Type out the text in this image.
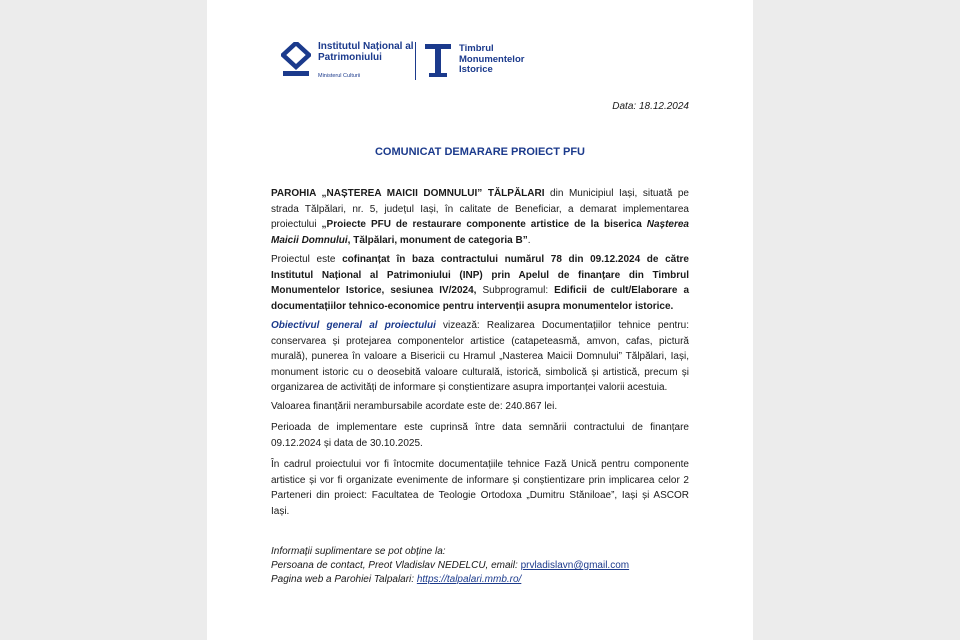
Institutul Național al
Patrimoniului
Ministerul Culturii
Timbrul
Monumentelor
Istorice
Data: 18.12.2024
COMUNICAT DEMARARE PROIECT PFU
PAROHIA „NAȘTEREA MAICII DOMNULUI” TĂLPĂLARI din Municipiul Iași, situată pe strada Tălpălari, nr. 5, județul Iași, în calitate de Beneficiar, a demarat implementarea proiectului „Proiecte PFU de restaurare componente artistice de la biserica Nașterea Maicii Domnului, Tălpălari, monument de categoria B”.
Proiectul este cofinanțat în baza contractului numărul 78 din 09.12.2024 de către Institutul Național al Patrimoniului (INP) prin Apelul de finanțare din Timbrul Monumentelor Istorice, sesiunea IV/2024, Subprogramul: Edificii de cult/Elaborare a documentațiilor tehnico-economice pentru intervenții asupra monumentelor istorice.
Obiectivul general al proiectului vizează: Realizarea Documentațiilor tehnice pentru: conservarea și protejarea componentelor artistice (catapeteasmă, amvon, cafas, pictură murală), punerea în valoare a Bisericii cu Hramul „Nasterea Maicii Domnului” Tălpălari, Iași, monument istoric cu o deosebită valoare culturală, istorică, simbolică și artistică, precum și organizarea de activități de informare și conștientizare asupra importanței valorii acestuia.
Valoarea finanțării nerambursabile acordate este de: 240.867 lei.
Perioada de implementare este cuprinsă între data semnării contractului de finanțare 09.12.2024 și data de 30.10.2025.
În cadrul proiectului vor fi întocmite documentațiile tehnice Fază Unică pentru componente artistice și vor fi organizate evenimente de informare și conștientizare prin implicarea celor 2 Parteneri din proiect: Facultatea de Teologie Ortodoxa „Dumitru Stăniloae”, Iași și ASCOR Iași.
Informații suplimentare se pot obține la:
Persoana de contact, Preot Vladislav NEDELCU, email: prvladislavn@gmail.com
Pagina web a Parohiei Talpalari: https://talpalari.mmb.ro/
